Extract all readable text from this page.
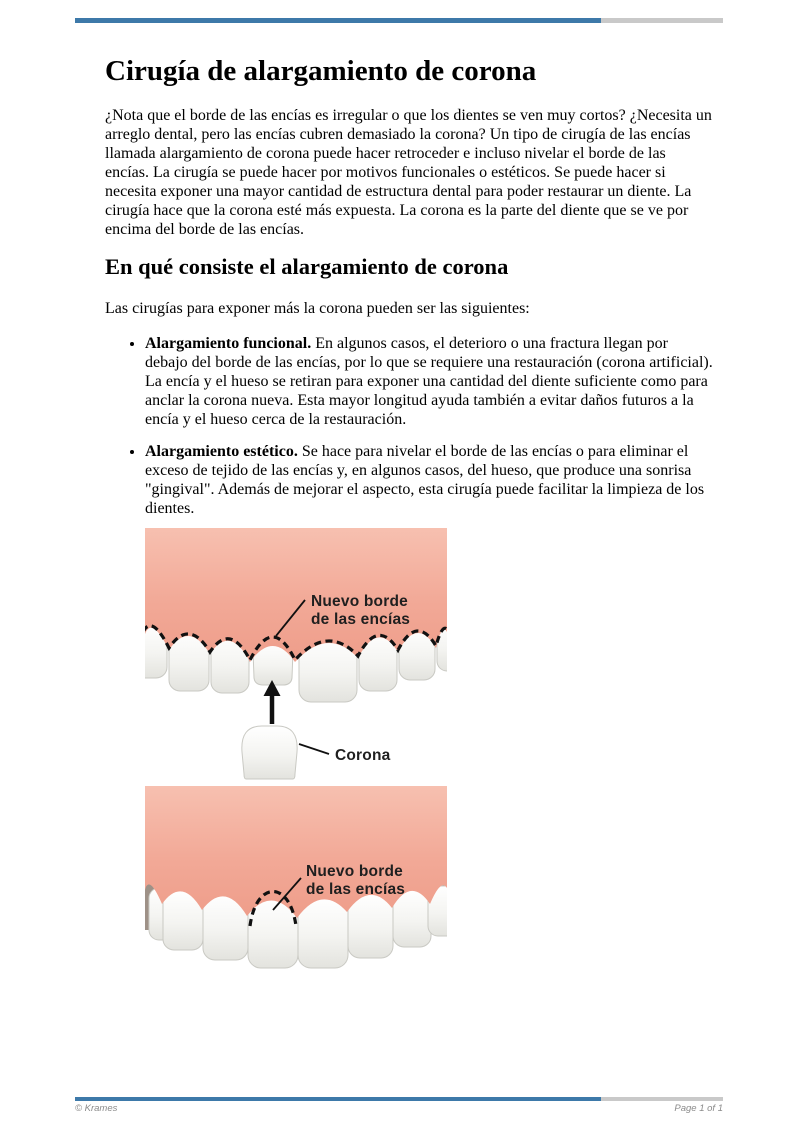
Cirugía de alargamiento de corona

¿Nota que el borde de las encías es irregular o que los dientes se ven muy cortos? ¿Necesita un arreglo dental, pero las encías cubren demasiado la corona? Un tipo de cirugía de las encías llamada alargamiento de corona puede hacer retroceder e incluso nivelar el borde de las encías. La cirugía se puede hacer por motivos funcionales o estéticos. Se puede hacer si necesita exponer una mayor cantidad de estructura dental para poder restaurar un diente. La cirugía hace que la corona esté más expuesta. La corona es la parte del diente que se ve por encima del borde de las encías.

En qué consiste el alargamiento de corona

Las cirugías para exponer más la corona pueden ser las siguientes:

• Alargamiento funcional. En algunos casos, el deterioro o una fractura llegan por debajo del borde de las encías, por lo que se requiere una restauración (corona artificial). La encía y el hueso se retiran para exponer una cantidad del diente suficiente como para anclar la corona nueva. Esta mayor longitud ayuda también a evitar daños futuros a la encía y el hueso cerca de la restauración.
• Alargamiento estético. Se hace para nivelar el borde de las encías o para eliminar el exceso de tejido de las encías y, en algunos casos, del hueso, que produce una sonrisa "gingival". Además de mejorar el aspecto, esta cirugía puede facilitar la limpieza de los dientes.
Nuevo borde
de las encías
Corona
Nuevo borde
de las encías
© Krames	Page 1 of 1
